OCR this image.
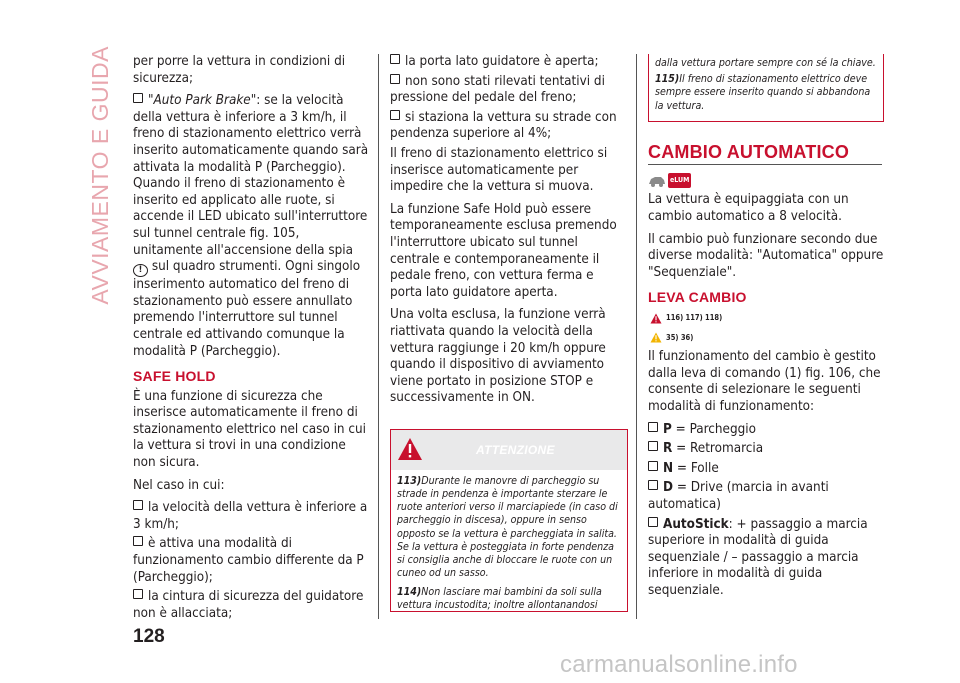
AVVIAMENTO E GUIDA per porre la vettura in condizioni di sicurezza;

"Auto Park Brake": se la velocità della vettura è inferiore a 3 km/h, il freno di stazionamento elettrico verrà inserito automaticamente quando sarà attivata la modalità P (Parcheggio). Quando il freno di stazionamento è inserito ed applicato alle ruote, si accende il LED ubicato sull'interruttore sul tunnel centrale fig. 105, unitamente all'accensione della spia ! sul quadro strumenti. Ogni singolo inserimento automatico del freno di stazionamento può essere annullato premendo l'interruttore sul tunnel centrale ed attivando comunque la modalità P (Parcheggio).

SAFE HOLD

È una funzione di sicurezza che inserisce automaticamente il freno di stazionamento elettrico nel caso in cui la vettura si trovi in una condizione non sicura.

Nel caso in cui:

la velocità della vettura è inferiore a 3 km/h;

è attiva una modalità di funzionamento cambio differente da P (Parcheggio);

la cintura di sicurezza del guidatore non è allacciata;

la porta lato guidatore è aperta;

non sono stati rilevati tentativi di pressione del pedale del freno;

si staziona la vettura su strade con pendenza superiore al 4%;

Il freno di stazionamento elettrico si inserisce automaticamente per impedire che la vettura si muova.

La funzione Safe Hold può essere temporaneamente esclusa premendo l'interruttore ubicato sul tunnel centrale e contemporaneamente il pedale freno, con vettura ferma e porta lato guidatore aperta.

Una volta esclusa, la funzione verrà riattivata quando la velocità della vettura raggiunge i 20 km/h oppure quando il dispositivo di avviamento viene portato in posizione STOP e successivamente in ON.

ATTENZIONE

113)Durante le manovre di parcheggio su strade in pendenza è importante sterzare le ruote anteriori verso il marciapiede (in caso di parcheggio in discesa), oppure in senso opposto se la vettura è parcheggiata in salita. Se la vettura è posteggiata in forte pendenza si consiglia anche di bloccare le ruote con un cuneo od un sasso.

114)Non lasciare mai bambini da soli sulla vettura incustodita; inoltre allontanandosi

dalla vettura portare sempre con sé la chiave.

115)Il freno di stazionamento elettrico deve sempre essere inserito quando si abbandona la vettura.

CAMBIO AUTOMATICO
eLUM

La vettura è equipaggiata con un cambio automatico a 8 velocità.

Il cambio può funzionare secondo due diverse modalità: "Automatica" oppure "Sequenziale".

LEVA CAMBIO
116) 117) 118)
35) 36)

Il funzionamento del cambio è gestito dalla leva di comando (1) fig. 106, che consente di selezionare le seguenti modalità di funzionamento:

P = Parcheggio

R = Retromarcia

N = Folle

D = Drive (marcia in avanti automatica)

AutoStick: + passaggio a marcia superiore in modalità di guida sequenziale / – passaggio a marcia inferiore in modalità di guida sequenziale.

128
carmanualsonline.info
